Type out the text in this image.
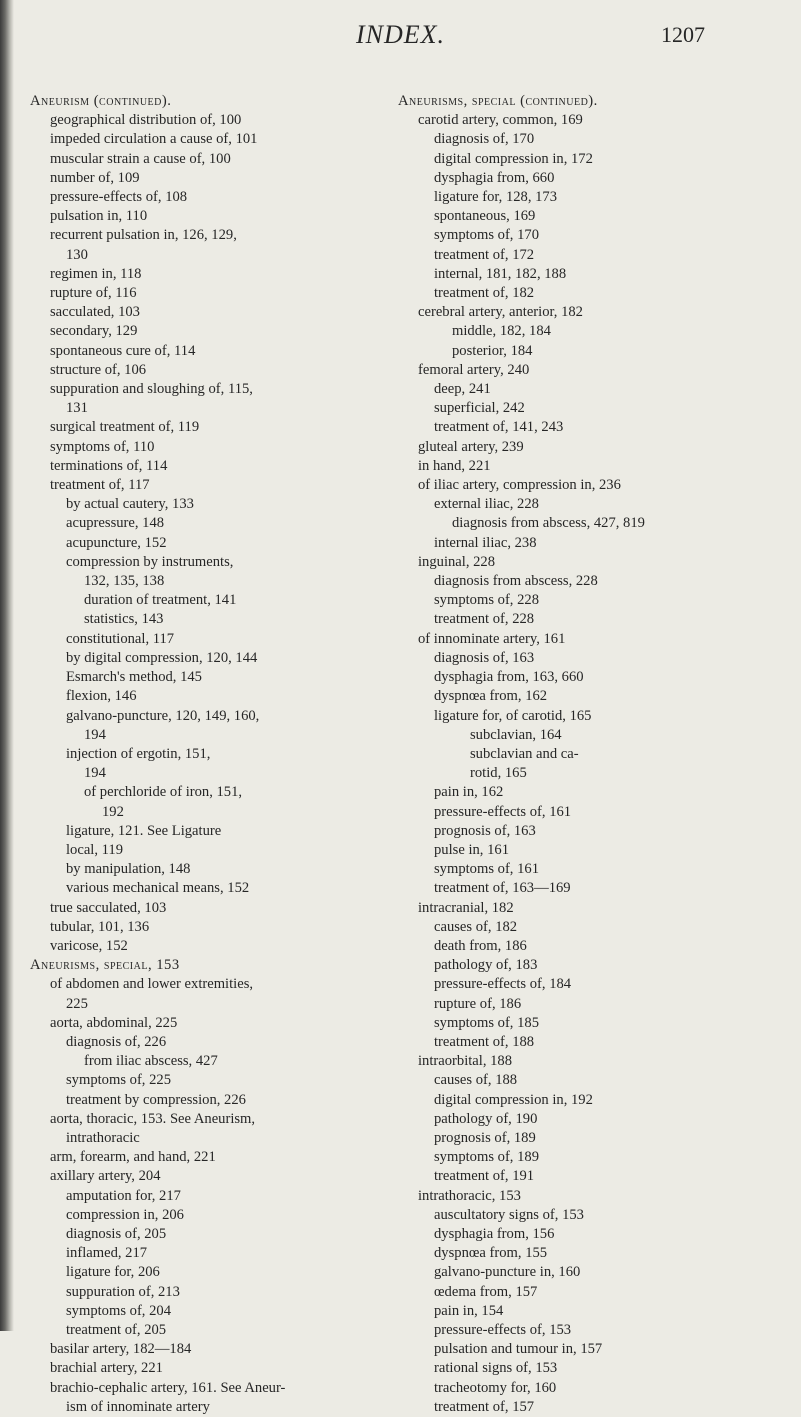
INDEX.	1207
Aneurism (continued).
geographical distribution of, 100
impeded circulation a cause of, 101
muscular strain a cause of, 100
number of, 109
pressure-effects of, 108
pulsation in, 110
recurrent pulsation in, 126, 129,
130
regimen in, 118
rupture of, 116
sacculated, 103
secondary, 129
spontaneous cure of, 114
structure of, 106
suppuration and sloughing of, 115,
131
surgical treatment of, 119
symptoms of, 110
terminations of, 114
treatment of, 117
by actual cautery, 133
acupressure, 148
acupuncture, 152
compression by instruments,
132, 135, 138
duration of treatment, 141
statistics, 143
constitutional, 117
by digital compression, 120, 144
Esmarch's method, 145
flexion, 146
galvano-puncture, 120, 149, 160,
194
injection of ergotin, 151,
194
of perchloride of iron, 151,
192
ligature, 121. See Ligature
local, 119
by manipulation, 148
various mechanical means, 152
true sacculated, 103
tubular, 101, 136
varicose, 152
Aneurisms, special, 153
of abdomen and lower extremities,
225
aorta, abdominal, 225
diagnosis of, 226
from iliac abscess, 427
symptoms of, 225
treatment by compression, 226
aorta, thoracic, 153. See Aneurism,
intrathoracic
arm, forearm, and hand, 221
axillary artery, 204
amputation for, 217
compression in, 206
diagnosis of, 205
inflamed, 217
ligature for, 206
suppuration of, 213
symptoms of, 204
treatment of, 205
basilar artery, 182—184
brachial artery, 221
brachio-cephalic artery, 161. See Aneur-
ism of innominate artery
Aneurisms, special (continued).
carotid artery, common, 169
diagnosis of, 170
digital compression in, 172
dysphagia from, 660
ligature for, 128, 173
spontaneous, 169
symptoms of, 170
treatment of, 172
internal, 181, 182, 188
treatment of, 182
cerebral artery, anterior, 182
middle, 182, 184
posterior, 184
femoral artery, 240
deep, 241
superficial, 242
treatment of, 141, 243
gluteal artery, 239
in hand, 221
of iliac artery, compression in, 236
external iliac, 228
diagnosis from abscess, 427, 819
internal iliac, 238
inguinal, 228
diagnosis from abscess, 228
symptoms of, 228
treatment of, 228
of innominate artery, 161
diagnosis of, 163
dysphagia from, 163, 660
dyspnœa from, 162
ligature for, of carotid, 165
subclavian, 164
subclavian and ca-
rotid, 165
pain in, 162
pressure-effects of, 161
prognosis of, 163
pulse in, 161
symptoms of, 161
treatment of, 163—169
intracranial, 182
causes of, 182
death from, 186
pathology of, 183
pressure-effects of, 184
rupture of, 186
symptoms of, 185
treatment of, 188
intraorbital, 188
causes of, 188
digital compression in, 192
pathology of, 190
prognosis of, 189
symptoms of, 189
treatment of, 191
intrathoracic, 153
auscultatory signs of, 153
dysphagia from, 156
dyspnœa from, 155
galvano-puncture in, 160
œdema from, 157
pain in, 154
pressure-effects of, 153
pulsation and tumour in, 157
rational signs of, 153
tracheotomy for, 160
treatment of, 157
